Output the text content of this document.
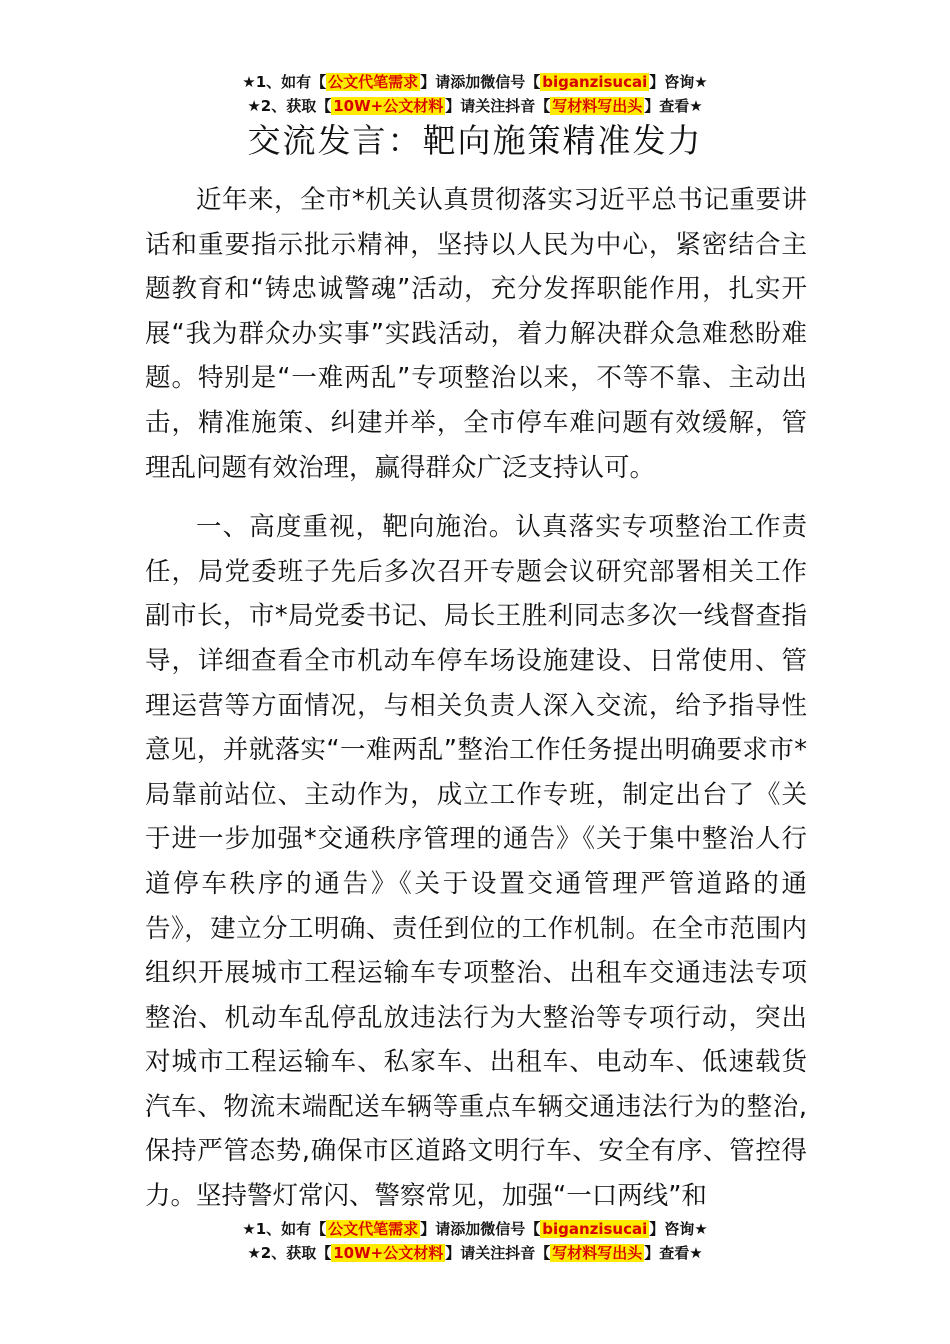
★1、如有【 公文代笔需求 】请添加微信号【 biganzisucai 】咨询★
★2、获取【 10W+公文材料 】请关注抖音【 写材料写出头 】查看★
交流发言：靶向施策精准发力

近年来，全市*机关认真贯彻落实习近平总书记重要讲话和重要指示批示精神，坚持以人民为中心，紧密结合主题教育和“铸忠诚警魂”活动，充分发挥职能作用，扎实开展“我为群众办实事”实践活动，着力解决群众急难愁盼难题。特别是“一难两乱”专项整治以来，不等不靠、主动出击，精准施策、纠建并举，全市停车难问题有效缓解，管理乱问题有效治理，赢得群众广泛支持认可。

一、高度重视，靶向施治。认真落实专项整治工作责任，局党委班子先后多次召开专题会议研究部署相关工作副市长，市*局党委书记、局长王胜利同志多次一线督查指导，详细查看全市机动车停车场设施建设、日常使用、管理运营等方面情况，与相关负责人深入交流，给予指导性意见，并就落实“一难两乱”整治工作任务提出明确要求市*局靠前站位、主动作为，成立工作专班，制定出台了《关于进一步加强*交通秩序管理的通告》《关于集中整治人行道停车秩序的通告》《关于设置交通管理严管道路的通告》，建立分工明确、责任到位的工作机制。在全市范围内组织开展城市工程运输车专项整治、出租车交通违法专项整治、机动车乱停乱放违法行为大整治等专项行动，突出对城市工程运输车、私家车、出租车、电动车、低速载货汽车、物流末端配送车辆等重点车辆交通违法行为的整治,保持严管态势,确保市区道路文明行车、安全有序、管控得力。坚持警灯常闪、警察常见，加强“一口两线”和

★1、如有【 公文代笔需求 】请添加微信号【 biganzisucai 】咨询★
★2、获取【 10W+公文材料 】请关注抖音【 写材料写出头 】查看★
